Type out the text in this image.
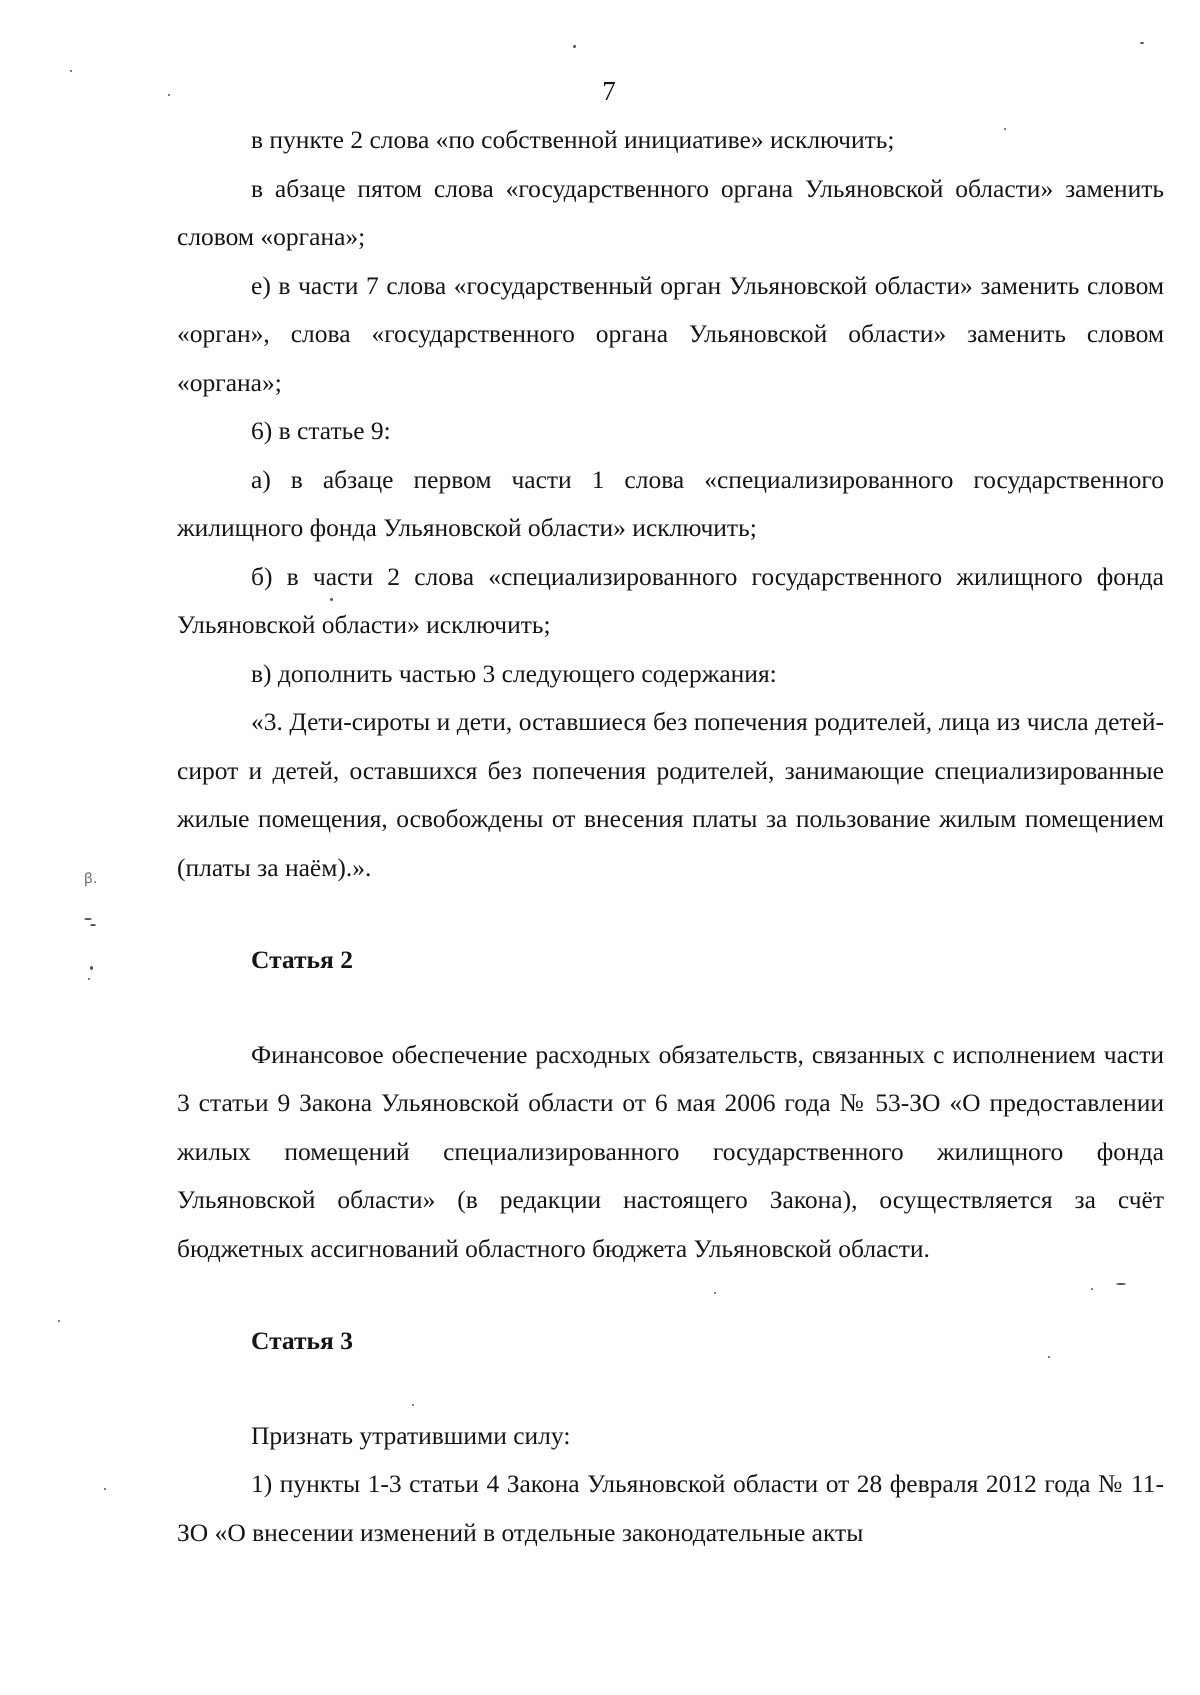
7

в пункте 2 слова «по собственной инициативе» исключить;

в абзаце пятом слова «государственного органа Ульяновской области» заменить словом «органа»;

е) в части 7 слова «государственный орган Ульяновской области» заменить словом «орган», слова «государственного органа Ульяновской области» заменить словом «органа»;

6) в статье 9:

а) в абзаце первом части 1 слова «специализированного государственного жилищного фонда Ульяновской области» исключить;

б) в части 2 слова «специализированного государственного жилищного фонда Ульяновской области» исключить;

в) дополнить частью 3 следующего содержания:

«3. Дети-сироты и дети, оставшиеся без попечения родителей, лица из числа детей-сирот и детей, оставшихся без попечения родителей, занимающие специализированные жилые помещения, освобождены от внесения платы за пользование жилым помещением (платы за наём).».

Статья 2

Финансовое обеспечение расходных обязательств, связанных с исполнением части 3 статьи 9 Закона Ульяновской области от 6 мая 2006 года № 53-ЗО «О предоставлении жилых помещений специализированного государственного жилищного фонда Ульяновской области» (в редакции настоящего Закона), осуществляется за счёт бюджетных ассигнований областного бюджета Ульяновской области.

Статья 3

Признать утратившими силу:

1) пункты 1-3 статьи 4 Закона Ульяновской области от 28 февраля 2012 года № 11-ЗО «О внесении изменений в отдельные законодательные акты

ꞵ.
